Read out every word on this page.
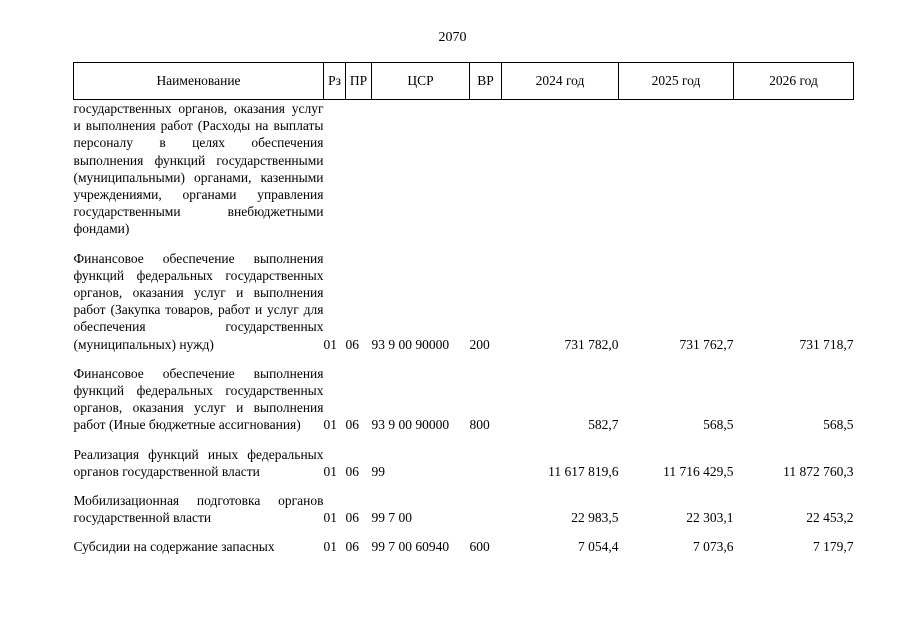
2070
Наименование	Рз	ПР	ЦСР	ВР	2024 год	2025 год	2026 год
государственных органов, оказания услуг и выполнения работ (Расходы на выплаты персоналу в целях обеспечения выполнения функций государственными (муниципальными) органами, казенными учреждениями, органами управления государственными внебюджетными фондами)							
Финансовое обеспечение выполнения функций федеральных государственных органов, оказания услуг и выполнения работ (Закупка товаров, работ и услуг для обеспечения государственных (муниципальных) нужд)	01	06	93 9 00 90000	200	731 782,0	731 762,7	731 718,7
Финансовое обеспечение выполнения функций федеральных государственных органов, оказания услуг и выполнения работ (Иные бюджетные ассигнования)	01	06	93 9 00 90000	800	582,7	568,5	568,5
Реализация функций иных федеральных органов государственной власти	01	06	99		11 617 819,6	11 716 429,5	11 872 760,3
Мобилизационная подготовка органов государственной власти	01	06	99 7 00		22 983,5	22 303,1	22 453,2
Субсидии на содержание запасных	01	06	99 7 00 60940	600	7 054,4	7 073,6	7 179,7
